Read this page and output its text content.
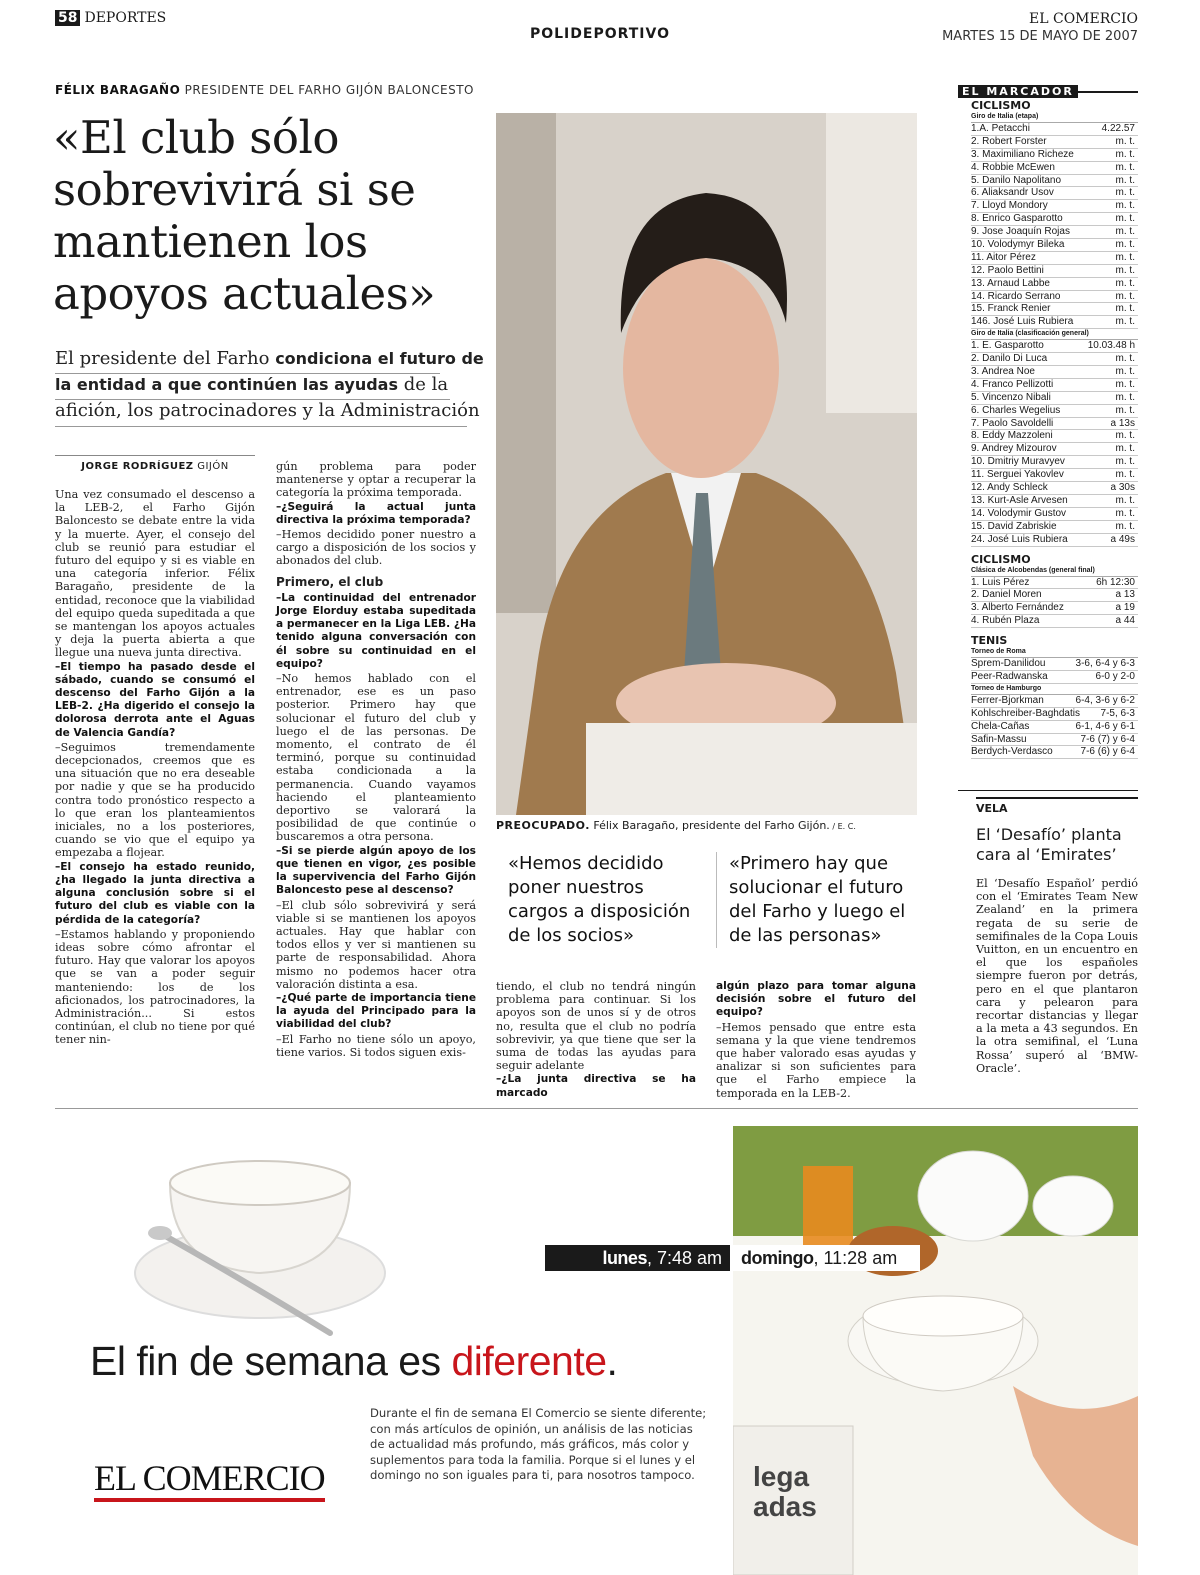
58 DEPORTES
POLIDEPORTIVO
EL COMERCIO
MARTES 15 DE MAYO DE 2007
FÉLIX BARAGAÑO PRESIDENTE DEL FARHO GIJÓN BALONCESTO
«El club sólo sobrevivirá si se mantienen los apoyos actuales»
El presidente del Farho condiciona el futuro de la entidad a que continúen las ayudas de la afición, los patrocinadores y la Administración
JORGE RODRÍGUEZ GIJÓN

Una vez consumado el descenso a la LEB-2, el Farho Gijón Baloncesto se debate entre la vida y la muerte. Ayer, el consejo del club se reunió para estudiar el futuro del equipo y si es viable en una categoría inferior. Félix Baragaño, presidente de la entidad, reconoce que la viabilidad del equipo queda supeditada a que se mantengan los apoyos actuales y deja la puerta abierta a que llegue una nueva junta directiva.

–El tiempo ha pasado desde el sábado, cuando se consumó el descenso del Farho Gijón a la LEB-2. ¿Ha digerido el consejo la dolorosa derrota ante el Aguas de Valencia Gandía?

–Seguimos tremendamente decepcionados, creemos que es una situación que no era deseable por nadie y que se ha producido contra todo pronóstico respecto a lo que eran los planteamientos iniciales, no a los posteriores, cuando se vio que el equipo ya empezaba a flojear.

–El consejo ha estado reunido, ¿ha llegado la junta directiva a alguna conclusión sobre si el futuro del club es viable con la pérdida de la categoría?

–Estamos hablando y proponiendo ideas sobre cómo afrontar el futuro. Hay que valorar los apoyos que se van a poder seguir manteniendo: los de los aficionados, los patrocinadores, la Administración... Si estos continúan, el club no tiene por qué tener nin-

gún problema para poder mantenerse y optar a recuperar la categoría la próxima temporada.

–¿Seguirá la actual junta directiva la próxima temporada?

–Hemos decidido poner nuestro a cargo a disposición de los socios y abonados del club.

Primero, el club

–La continuidad del entrenador Jorge Elorduy estaba supeditada a permanecer en la Liga LEB. ¿Ha tenido alguna conversación con él sobre su continuidad en el equipo?

–No hemos hablado con el entrenador, ese es un paso posterior. Primero hay que solucionar el futuro del club y luego el de las personas. De momento, el contrato de él terminó, porque su continuidad estaba condicionada a la permanencia. Cuando vayamos haciendo el planteamiento deportivo se valorará la posibilidad de que continúe o buscaremos a otra persona.

–Si se pierde algún apoyo de los que tienen en vigor, ¿es posible la supervivencia del Farho Gijón Baloncesto pese al descenso?

–El club sólo sobrevivirá y será viable si se mantienen los apoyos actuales. Hay que hablar con todos ellos y ver si mantienen su parte de responsabilidad. Ahora mismo no podemos hacer otra valoración distinta a esa.

–¿Qué parte de importancia tiene la ayuda del Principado para la viabilidad del club?

–El Farho no tiene sólo un apoyo, tiene varios. Si todos siguen exis-

PREOCUPADO. Félix Baragaño, presidente del Farho Gijón. / E. C.
«Hemos decidido poner nuestros cargos a disposición de los socios»
«Primero hay que solucionar el futuro del Farho y luego el de las personas»

tiendo, el club no tendrá ningún problema para continuar. Si los apoyos son de unos sí y de otros no, resulta que el club no podría sobrevivir, ya que tiene que ser la suma de todas las ayudas para seguir adelante

–¿La junta directiva se ha marcado

algún plazo para tomar alguna decisión sobre el futuro del equipo?

–Hemos pensado que entre esta semana y la que viene tendremos que haber valorado esas ayudas y analizar si son suficientes para que el Farho empiece la temporada en la LEB-2.

EL MARCADOR
CICLISMO
Giro de Italia (etapa)
1.A. Petacchi	4.22.57
2. Robert Forster	m. t.
3. Maximiliano Richeze	m. t.
4. Robbie McEwen	m. t.
5. Danilo Napolitano	m. t.
6. Aliaksandr Usov	m. t.
7. Lloyd Mondory	m. t.
8. Enrico Gasparotto	m. t.
9. Jose Joaquín Rojas	m. t.
10. Volodymyr Bileka	m. t.
11. Aitor Pérez	m. t.
12. Paolo Bettini	m. t.
13. Arnaud Labbe	m. t.
14. Ricardo Serrano	m. t.
15. Franck Renier	m. t.
146. José Luis Rubiera	m. t.
Giro de Italia (clasificación general)
1. E. Gasparotto	10.03.48 h
2. Danilo Di Luca	m. t.
3. Andrea Noe	m. t.
4. Franco Pellizotti	m. t.
5. Vincenzo Nibali	m. t.
6. Charles Wegelius	m. t.
7. Paolo Savoldelli	a 13s
8. Eddy Mazzoleni	m. t.
9. Andrey Mizourov	m. t.
10. Dmitriy Muravyev	m. t.
11. Serguei Yakovlev	m. t.
12. Andy Schleck	a 30s
13. Kurt-Asle Arvesen	m. t.
14. Volodymir Gustov	m. t.
15. David Zabriskie	m. t.
24. José Luis Rubiera	a 49s
CICLISMO
Clásica de Alcobendas (general final)
1. Luis Pérez	6h 12:30
2. Daniel Moren	a 13
3. Alberto Fernández	a 19
4. Rubén Plaza	a 44
TENIS
Torneo de Roma
Sprem-Danilidou	3-6, 6-4 y 6-3
Peer-Radwanska	6-0 y 2-0
Torneo de Hamburgo
Ferrer-Bjorkman	6-4, 3-6 y 6-2
Kohlschreiber-Baghdatis 7-5, 6-3
Chela-Cañas	6-1, 4-6 y 6-1
Safin-Massu	7-6 (7) y 6-4
Berdych-Verdasco	7-6 (6) y 6-4
VELA
El ‘Desafío’ planta cara al ‘Emirates’
El ‘Desafío Español’ perdió con el ‘Emirates Team New Zealand’ en la primera regata de su serie de semifinales de la Copa Louis Vuitton, en un encuentro en el que los españoles siempre fueron por detrás, pero en el que plantaron cara y pelearon para recortar distancias y llegar a la meta a 43 segundos. En la otra semifinal, el ‘Luna Rossa’ superó al ‘BMW-Oracle’.
lega
adas
lunes, 7:48 am	domingo, 11:28 am
El fin de semana es diferente.
Durante el fin de semana El Comercio se siente diferente; con más artículos de opinión, un análisis de las noticias de actualidad más profundo, más gráficos, más color y suplementos para toda la familia. Porque si el lunes y el domingo no son iguales para ti, para nosotros tampoco.
EL COMERCIO
